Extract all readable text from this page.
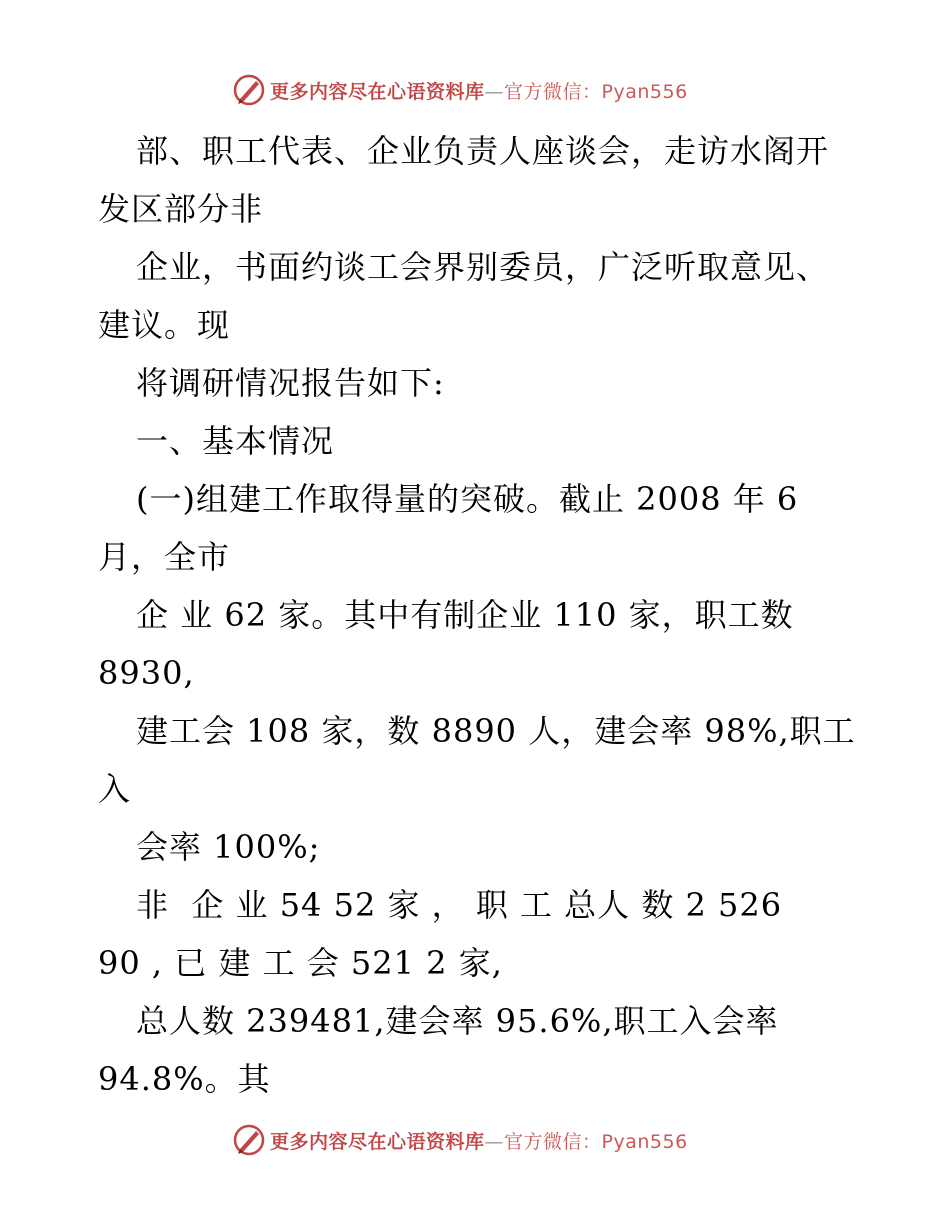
更多内容尽在心语资料库—官方微信：Pyan556
部、职工代表、企业负责人座谈会，走访水阁开
发区部分非
企业，书面约谈工会界别委员，广泛听取意见、
建议。现
将调研情况报告如下:
一、基本情况
(一)组建工作取得量的突破。截止 2008 年 6
月，全市
企 业 62 家。其中有制企业 110 家，职工数
8930,
建工会 108 家，数 8890 人，建会率 98%,职工
入
会率 100%;
非  企 业 54 52 家 ， 职 工 总人 数 2 526
90 , 已 建 工 会 521 2 家,
总人数 239481,建会率 95.6%,职工入会率
94.8%。其
更多内容尽在心语资料库—官方微信：Pyan556
